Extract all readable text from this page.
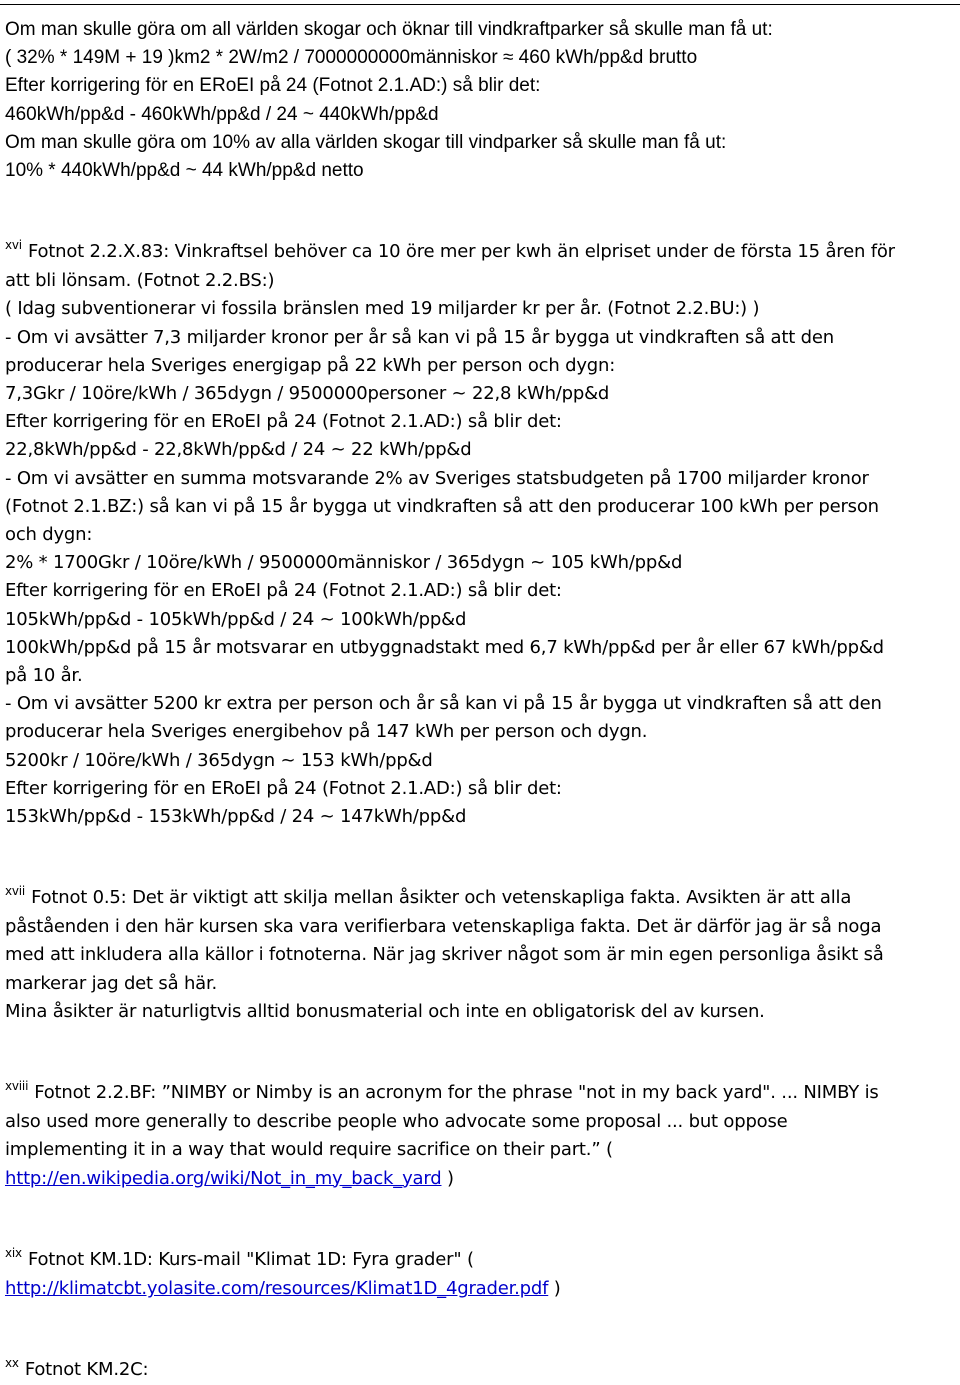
Om man skulle göra om all världen skogar och öknar till vindkraftparker så skulle man få ut:
( 32% * 149M + 19 )km2 * 2W/m2 / 7000000000människor ≈ 460 kWh/pp&d brutto
Efter korrigering för en ERoEI på 24 (Fotnot 2.1.AD:) så blir det:
460kWh/pp&d - 460kWh/pp&d / 24 ~ 440kWh/pp&d
Om man skulle göra om 10% av alla världen skogar till vindparker så skulle man få ut:
10% * 440kWh/pp&d ~ 44 kWh/pp&d netto
$^{xvi}$ Fotnot 2.2.X.83: Vinkraftsel behöver ca 10 öre mer per kwh än elpriset under de första 15 åren för
att bli lönsam. (Fotnot 2.2.BS:)
( Idag subventionerar vi fossila bränslen med 19 miljarder kr per år. (Fotnot 2.2.BU:) )
- Om vi avsätter 7,3 miljarder kronor per år så kan vi på 15 år bygga ut vindkraften så att den
producerar hela Sveriges energigap på 22 kWh per person och dygn:
7,3Gkr / 10öre/kWh / 365dygn / 9500000personer ~ 22,8 kWh/pp&d
Efter korrigering för en ERoEI på 24 (Fotnot 2.1.AD:) så blir det:
22,8kWh/pp&d - 22,8kWh/pp&d / 24 ~ 22 kWh/pp&d
- Om vi avsätter en summa motsvarande 2% av Sveriges statsbudgeten på 1700 miljarder kronor
(Fotnot 2.1.BZ:) så kan vi på 15 år bygga ut vindkraften så att den producerar 100 kWh per person
och dygn:
2% * 1700Gkr / 10öre/kWh / 9500000människor / 365dygn ~ 105 kWh/pp&d
Efter korrigering för en ERoEI på 24 (Fotnot 2.1.AD:) så blir det:
105kWh/pp&d - 105kWh/pp&d / 24 ~ 100kWh/pp&d
100kWh/pp&d på 15 år motsvarar en utbyggnadstakt med 6,7 kWh/pp&d per år eller 67 kWh/pp&d
på 10 år.
- Om vi avsätter 5200 kr extra per person och år så kan vi på 15 år bygga ut vindkraften så att den
producerar hela Sveriges energibehov på 147 kWh per person och dygn.
5200kr / 10öre/kWh / 365dygn ~ 153 kWh/pp&d
Efter korrigering för en ERoEI på 24 (Fotnot 2.1.AD:) så blir det:
153kWh/pp&d - 153kWh/pp&d / 24 ~ 147kWh/pp&d
$^{xvii}$ Fotnot 0.5: Det är viktigt att skilja mellan åsikter och vetenskapliga fakta. Avsikten är att alla
påståenden i den här kursen ska vara verifierbara vetenskapliga fakta. Det är därför jag är så noga
med att inkludera alla källor i fotnoterna. När jag skriver något som är min egen personliga åsikt så
markerar jag det så här.
Mina åsikter är naturligtvis alltid bonusmaterial och inte en obligatorisk del av kursen.
$^{xviii}$ Fotnot 2.2.BF: ”NIMBY or Nimby is an acronym for the phrase "not in my back yard". ... NIMBY is
also used more generally to describe people who advocate some proposal ... but oppose
implementing it in a way that would require sacrifice on their part.” (
http://en.wikipedia.org/wiki/Not_in_my_back_yard )
$^{xix}$ Fotnot KM.1D: Kurs-mail "Klimat 1D: Fyra grader" (
http://klimatcbt.yolasite.com/resources/Klimat1D_4grader.pdf )
$^{xx}$ Fotnot KM.2C:
